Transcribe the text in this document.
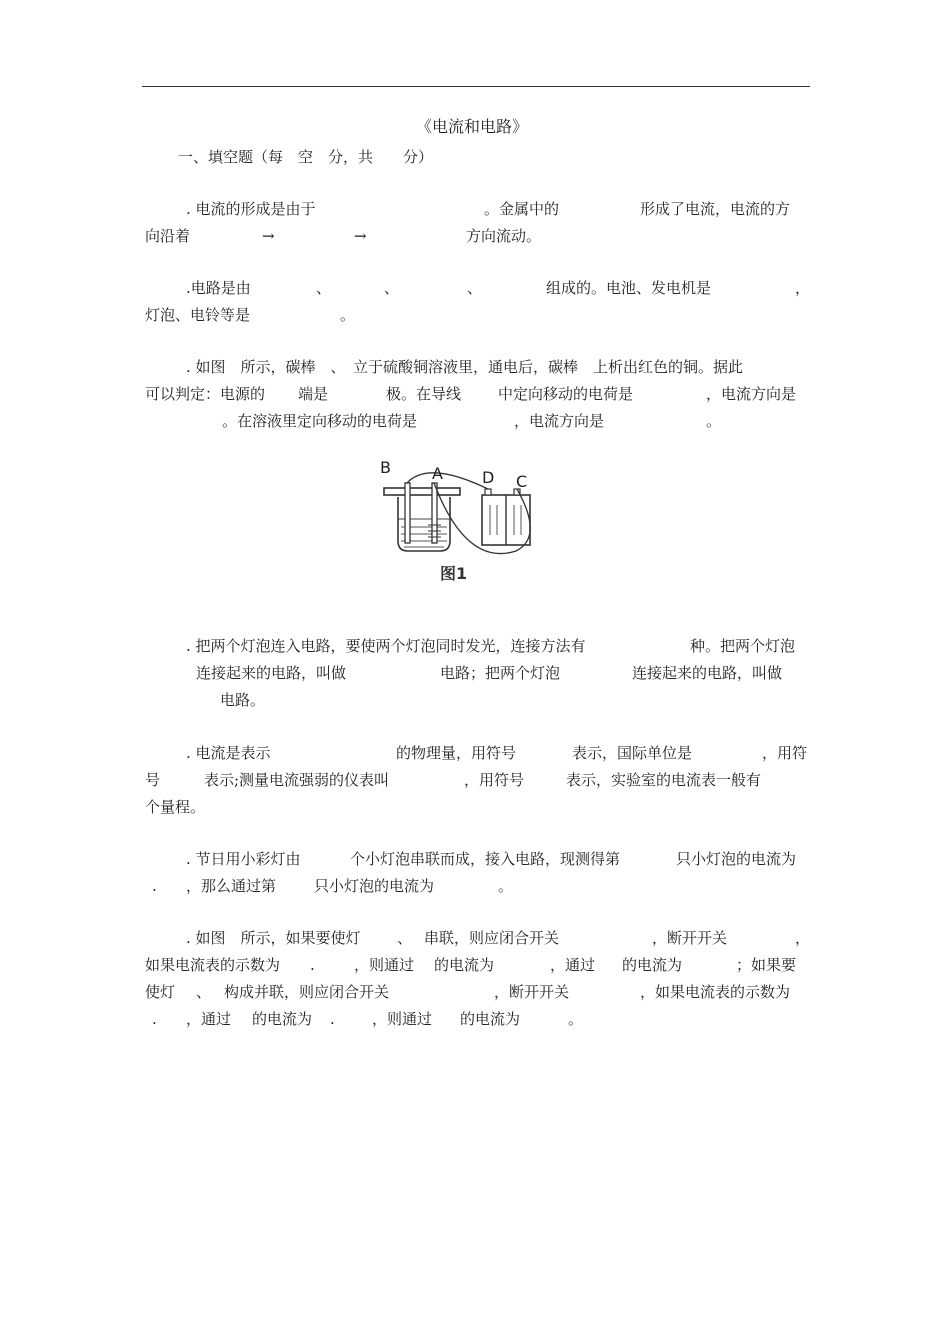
《电流和电路》
一、填空题（每　空　分，共　　分）
. 电流的形成是由于	。金属中的	形成了电流，电流的方
向沿着	→	→	方向流动。
.电路是由	、	、	、	组成的。电池、发电机是	，
灯泡、电铃等是	。
. 如图　所示，碳棒　、　立于硫酸铜溶液里，通电后，碳棒　上析出红色的铜。据此
可以判定：电源的 端是	极。在导线 中定向移动的电荷是	，电流方向是
。在溶液里定向移动的电荷是	，电流方向是	。
B	A D C
图1
. 把两个灯泡连入电路，要使两个灯泡同时发光，连接方法有	种。把两个灯泡
连接起来的电路，叫做	电路；把两个灯泡	连接起来的电路，叫做
电路。
. 电流是表示	的物理量，用符号	表示，国际单位是	，用符
号	表示;测量电流强弱的仪表叫	，用符号	表示，实验室的电流表一般有
个量程。
. 节日用小彩灯由	个小灯泡串联而成，接入电路，现测得第	只小灯泡的电流为
. ，那么通过第	只小灯泡的电流为	。
. 如图　所示，如果要使灯 、 串联，则应闭合开关	，断开开关	，
如果电流表的示数为 .	，则通过 的电流为	，通过 的电流为	；如果要
使灯 、 构成并联，则应闭合开关	，断开开关	，如果电流表的示数为
. ，通过 的电流为 . ，则通过 的电流为	。
